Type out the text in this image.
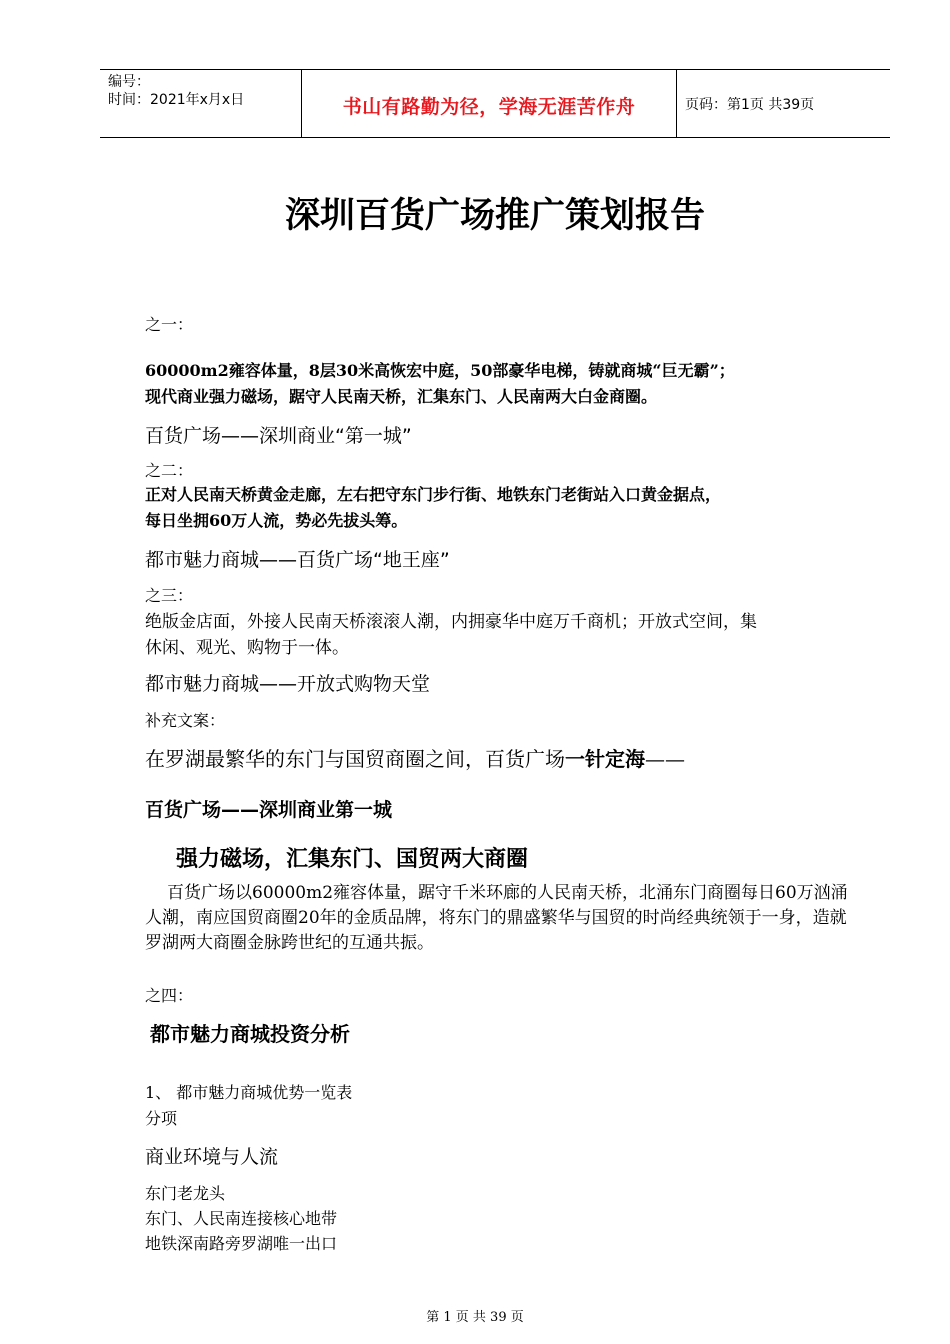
编号：
时间：2021年x月x日	书山有路勤为径，学海无涯苦作舟	页码：第1页 共39页
深圳百货广场推广策划报告
之一：
60000m2雍容体量，8层30米高恢宏中庭，50部豪华电梯，铸就商城“巨无霸”；
现代商业强力磁场，踞守人民南天桥，汇集东门、人民南两大白金商圈。
百货广场——深圳商业“第一城”
之二：
正对人民南天桥黄金走廊，左右把守东门步行街、地铁东门老街站入口黄金据点，
每日坐拥60万人流，势必先拔头筹。
都市魅力商城——百货广场“地王座”
之三：
绝版金店面，外接人民南天桥滚滚人潮，内拥豪华中庭万千商机；开放式空间，集
休闲、观光、购物于一体。
都市魅力商城——开放式购物天堂
补充文案：
在罗湖最繁华的东门与国贸商圈之间，百货广场一针定海——
百货广场——深圳商业第一城
强力磁场，汇集东门、国贸两大商圈
百货广场以60000m2雍容体量，踞守千米环廊的人民南天桥，北涌东门商圈每日60万汹涌人潮，南应国贸商圈20年的金质品牌，将东门的鼎盛繁华与国贸的时尚经典统领于一身，造就罗湖两大商圈金脉跨世纪的互通共振。
之四：
都市魅力商城投资分析
1、 都市魅力商城优势一览表
分项
商业环境与人流
东门老龙头
东门、人民南连接核心地带
地铁深南路旁罗湖唯一出口
第 1 页 共 39 页
